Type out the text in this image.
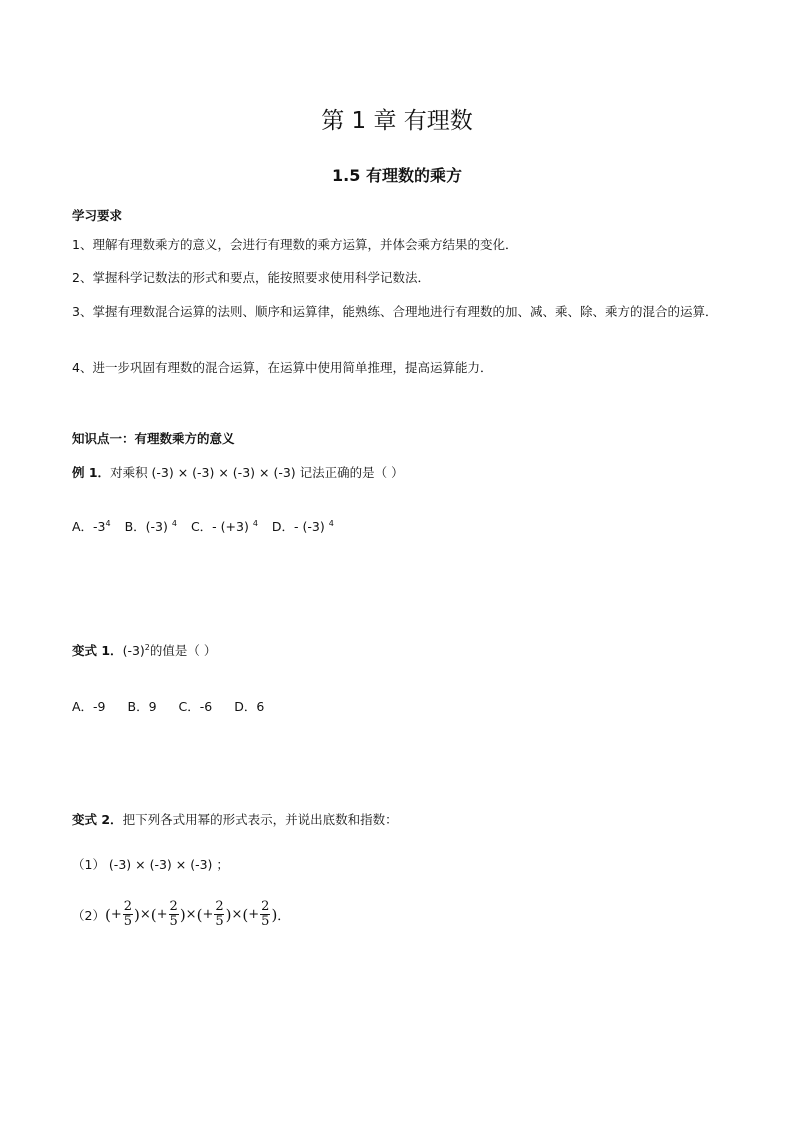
第 1 章 有理数
1.5 有理数的乘方
学习要求
1、理解有理数乘方的意义，会进行有理数的乘方运算，并体会乘方结果的变化．
2、掌握科学记数法的形式和要点，能按照要求使用科学记数法．
3、掌握有理数混合运算的法则、顺序和运算律，能熟练、合理地进行有理数的加、减、乘、除、乘方的混合的运算．
4、进一步巩固有理数的混合运算，在运算中使用简单推理，提高运算能力．
知识点一：有理数乘方的意义
例 1．对乘积 (-3) × (-3) × (-3) × (-3) 记法正确的是（ ）
A．$-3^4$ B．(-3) $^4$ C．- (+3) $^4$ D．- (-3) $^4$
变式 1．$(-3)^2$的值是（ ）
A．-9 B．9 C．-6 D．6
变式 2．把下列各式用幂的形式表示，并说出底数和指数：
（1） (-3) × (-3) × (-3) ；
（2） ( + $\frac{2}{5}$ ) × ( + $\frac{2}{5}$ ) × ( + $\frac{2}{5}$ ) × ( + $\frac{2}{5}$ ) ．
